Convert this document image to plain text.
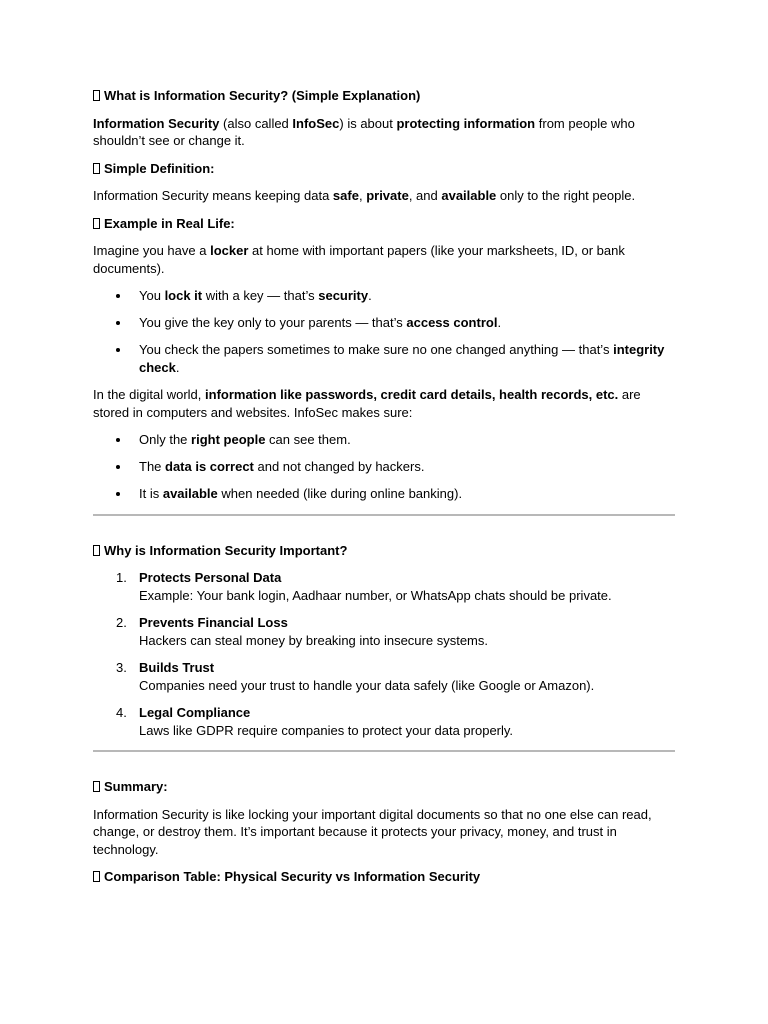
What is Information Security? (Simple Explanation)

Information Security (also called InfoSec) is about protecting information from people who shouldn’t see or change it.

Simple Definition:

Information Security means keeping data safe, private, and available only to the right people.

Example in Real Life:

Imagine you have a locker at home with important papers (like your marksheets, ID, or bank documents).

You lock it with a key — that’s security.
You give the key only to your parents — that’s access control.
You check the papers sometimes to make sure no one changed anything — that’s integrity check.

In the digital world, information like passwords, credit card details, health records, etc. are stored in computers and websites. InfoSec makes sure:

Only the right people can see them.
The data is correct and not changed by hackers.
It is available when needed (like during online banking).

Why is Information Security Important?

1. Protects Personal Data
Example: Your bank login, Aadhaar number, or WhatsApp chats should be private.
2. Prevents Financial Loss
Hackers can steal money by breaking into insecure systems.
3. Builds Trust
Companies need your trust to handle your data safely (like Google or Amazon).
4. Legal Compliance
Laws like GDPR require companies to protect your data properly.

Summary:

Information Security is like locking your important digital documents so that no one else can read, change, or destroy them. It’s important because it protects your privacy, money, and trust in technology.

Comparison Table: Physical Security vs Information Security
